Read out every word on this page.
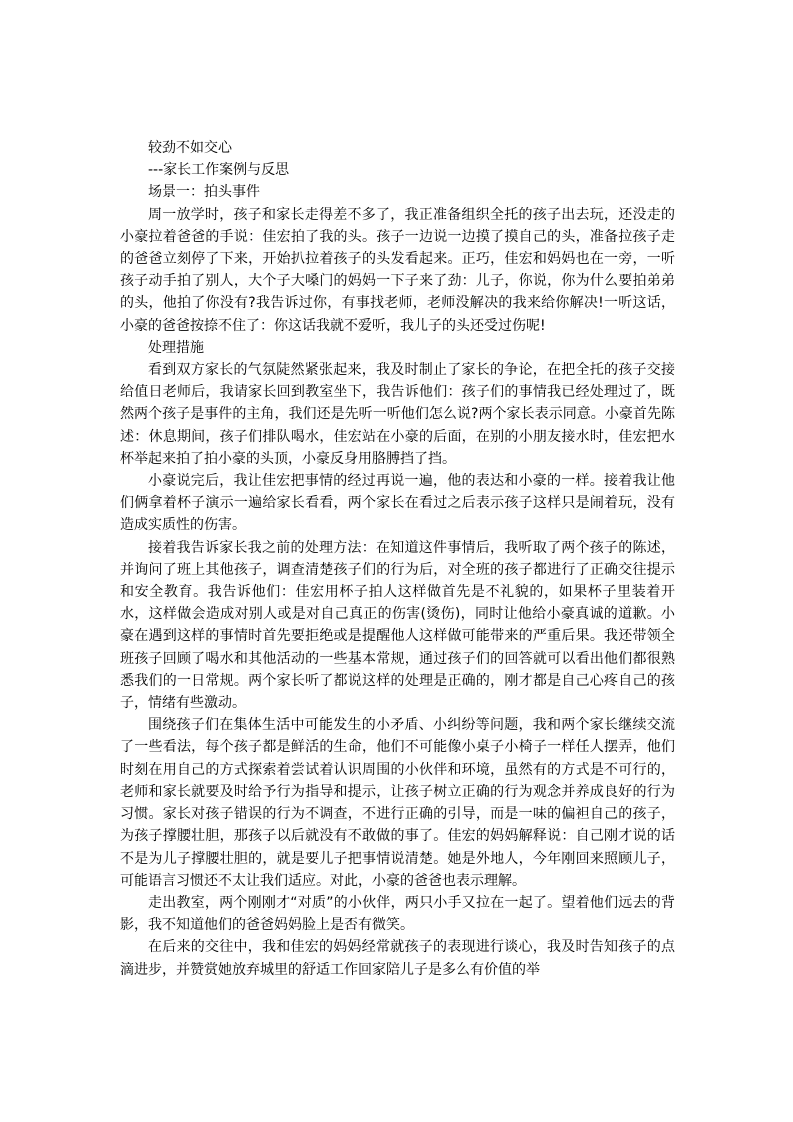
较劲不如交心

---家长工作案例与反思

场景一：拍头事件

周一放学时，孩子和家长走得差不多了，我正准备组织全托的孩子出去玩，还没走的小豪拉着爸爸的手说：佳宏拍了我的头。孩子一边说一边摸了摸自己的头，准备拉孩子走的爸爸立刻停了下来，开始扒拉着孩子的头发看起来。正巧，佳宏和妈妈也在一旁，一听孩子动手拍了别人，大个子大嗓门的妈妈一下子来了劲：儿子，你说，你为什么要拍弟弟的头，他拍了你没有?我告诉过你，有事找老师，老师没解决的我来给你解决!一听这话，小豪的爸爸按捺不住了：你这话我就不爱听，我儿子的头还受过伤呢!

处理措施

看到双方家长的气氛陡然紧张起来，我及时制止了家长的争论，在把全托的孩子交接给值日老师后，我请家长回到教室坐下，我告诉他们：孩子们的事情我已经处理过了，既然两个孩子是事件的主角，我们还是先听一听他们怎么说?两个家长表示同意。小豪首先陈述：休息期间，孩子们排队喝水，佳宏站在小豪的后面，在别的小朋友接水时，佳宏把水杯举起来拍了拍小豪的头顶，小豪反身用胳膊挡了挡。

小豪说完后，我让佳宏把事情的经过再说一遍，他的表达和小豪的一样。接着我让他们俩拿着杯子演示一遍给家长看看，两个家长在看过之后表示孩子这样只是闹着玩，没有造成实质性的伤害。

接着我告诉家长我之前的处理方法：在知道这件事情后，我听取了两个孩子的陈述，并询问了班上其他孩子，调查清楚孩子们的行为后，对全班的孩子都进行了正确交往提示和安全教育。我告诉他们：佳宏用杯子拍人这样做首先是不礼貌的，如果杯子里装着开水，这样做会造成对别人或是对自己真正的伤害(烫伤)，同时让他给小豪真诚的道歉。小豪在遇到这样的事情时首先要拒绝或是提醒他人这样做可能带来的严重后果。我还带领全班孩子回顾了喝水和其他活动的一些基本常规，通过孩子们的回答就可以看出他们都很熟悉我们的一日常规。两个家长听了都说这样的处理是正确的，刚才都是自己心疼自己的孩子，情绪有些激动。

围绕孩子们在集体生活中可能发生的小矛盾、小纠纷等问题，我和两个家长继续交流了一些看法，每个孩子都是鲜活的生命，他们不可能像小桌子小椅子一样任人摆弄，他们时刻在用自己的方式探索着尝试着认识周围的小伙伴和环境，虽然有的方式是不可行的，老师和家长就要及时给予行为指导和提示，让孩子树立正确的行为观念并养成良好的行为习惯。家长对孩子错误的行为不调查，不进行正确的引导，而是一味的偏袒自己的孩子，为孩子撑腰壮胆，那孩子以后就没有不敢做的事了。佳宏的妈妈解释说：自己刚才说的话不是为儿子撑腰壮胆的，就是要儿子把事情说清楚。她是外地人，今年刚回来照顾儿子，可能语言习惯还不太让我们适应。对此，小豪的爸爸也表示理解。

走出教室，两个刚刚才“对质”的小伙伴，两只小手又拉在一起了。望着他们远去的背影，我不知道他们的爸爸妈妈脸上是否有微笑。

在后来的交往中，我和佳宏的妈妈经常就孩子的表现进行谈心，我及时告知孩子的点滴进步，并赞赏她放弃城里的舒适工作回家陪儿子是多么有价值的举
